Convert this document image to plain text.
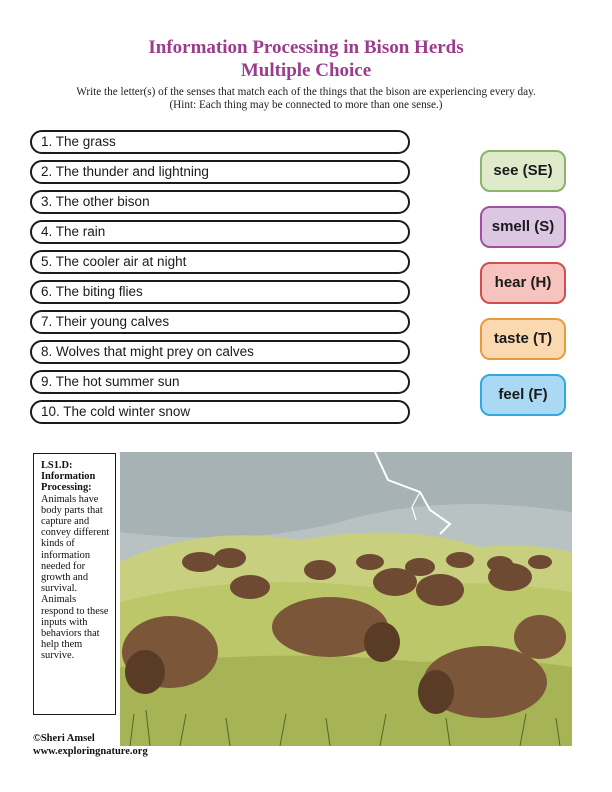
Information Processing in Bison Herds
Multiple Choice
Write the letter(s) of the senses that match each of the things that the bison are experiencing every day.
(Hint: Each thing may be connected to more than one sense.)
1. The grass
2. The thunder and lightning
3. The other bison
4. The rain
5. The cooler air at night
6. The biting flies
7. Their young calves
8. Wolves that might prey on calves
9. The hot summer sun
10. The cold winter snow
see (SE)
smell (S)
hear (H)
taste (T)
feel (F)
LS1.D: Information Processing: Animals have body parts that capture and convey different kinds of information needed for growth and survival. Animals respond to these inputs with behaviors that help them survive.
©Sheri Amsel
www.exploringnature.org
